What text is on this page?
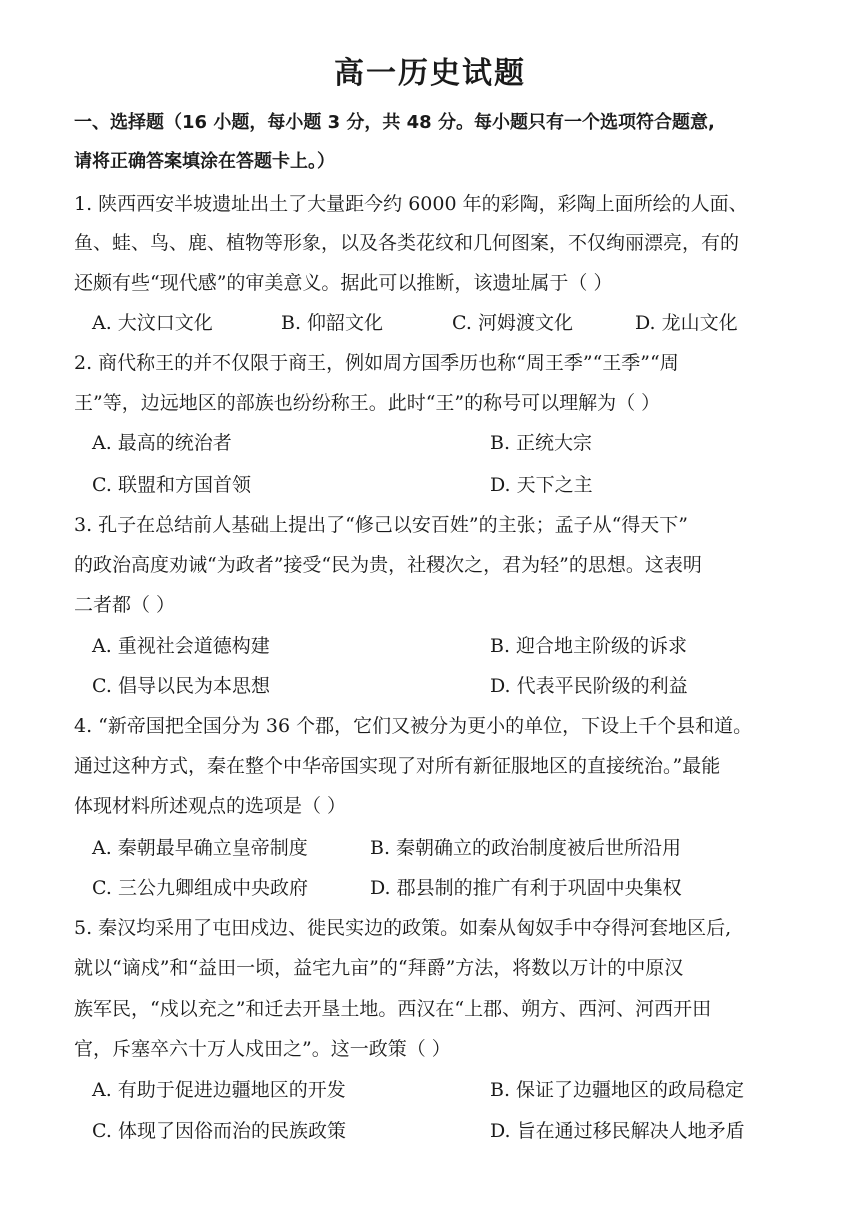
高一历史试题
一、选择题（16 小题，每小题 3 分，共 48 分。每小题只有一个选项符合题意,
请将正确答案填涂在答题卡上。）
1. 陕西西安半坡遗址出土了大量距今约 6000 年的彩陶，彩陶上面所绘的人面、
鱼、蛙、鸟、鹿、植物等形象，以及各类花纹和几何图案，不仅绚丽漂亮，有的
还颇有些“现代感”的审美意义。据此可以推断，该遗址属于（ ）
A. 大汶口文化	B. 仰韶文化	C. 河姆渡文化	D. 龙山文化
2. 商代称王的并不仅限于商王，例如周方国季历也称“周王季”“王季”“周
王”等，边远地区的部族也纷纷称王。此时“王”的称号可以理解为（ ）
A. 最高的统治者	B. 正统大宗
C. 联盟和方国首领	D. 天下之主
3. 孔子在总结前人基础上提出了“修己以安百姓”的主张；孟子从“得天下”
的政治高度劝诫“为政者”接受“民为贵，社稷次之，君为轻”的思想。这表明
二者都（ ）
A. 重视社会道德构建	B. 迎合地主阶级的诉求
C. 倡导以民为本思想	D. 代表平民阶级的利益
4. “新帝国把全国分为 36 个郡，它们又被分为更小的单位，下设上千个县和道。
通过这种方式，秦在整个中华帝国实现了对所有新征服地区的直接统治。”最能
体现材料所述观点的选项是（ ）
A. 秦朝最早确立皇帝制度	B. 秦朝确立的政治制度被后世所沿用
C. 三公九卿组成中央政府	D. 郡县制的推广有利于巩固中央集权
5. 秦汉均采用了屯田戍边、徙民实边的政策。如秦从匈奴手中夺得河套地区后,
就以“谪戍”和“益田一顷，益宅九亩”的“拜爵”方法，将数以万计的中原汉
族军民，“戍以充之”和迁去开垦土地。西汉在“上郡、朔方、西河、河西开田
官，斥塞卒六十万人戍田之”。这一政策（ ）
A. 有助于促进边疆地区的开发	B. 保证了边疆地区的政局稳定
C. 体现了因俗而治的民族政策	D. 旨在通过移民解决人地矛盾
